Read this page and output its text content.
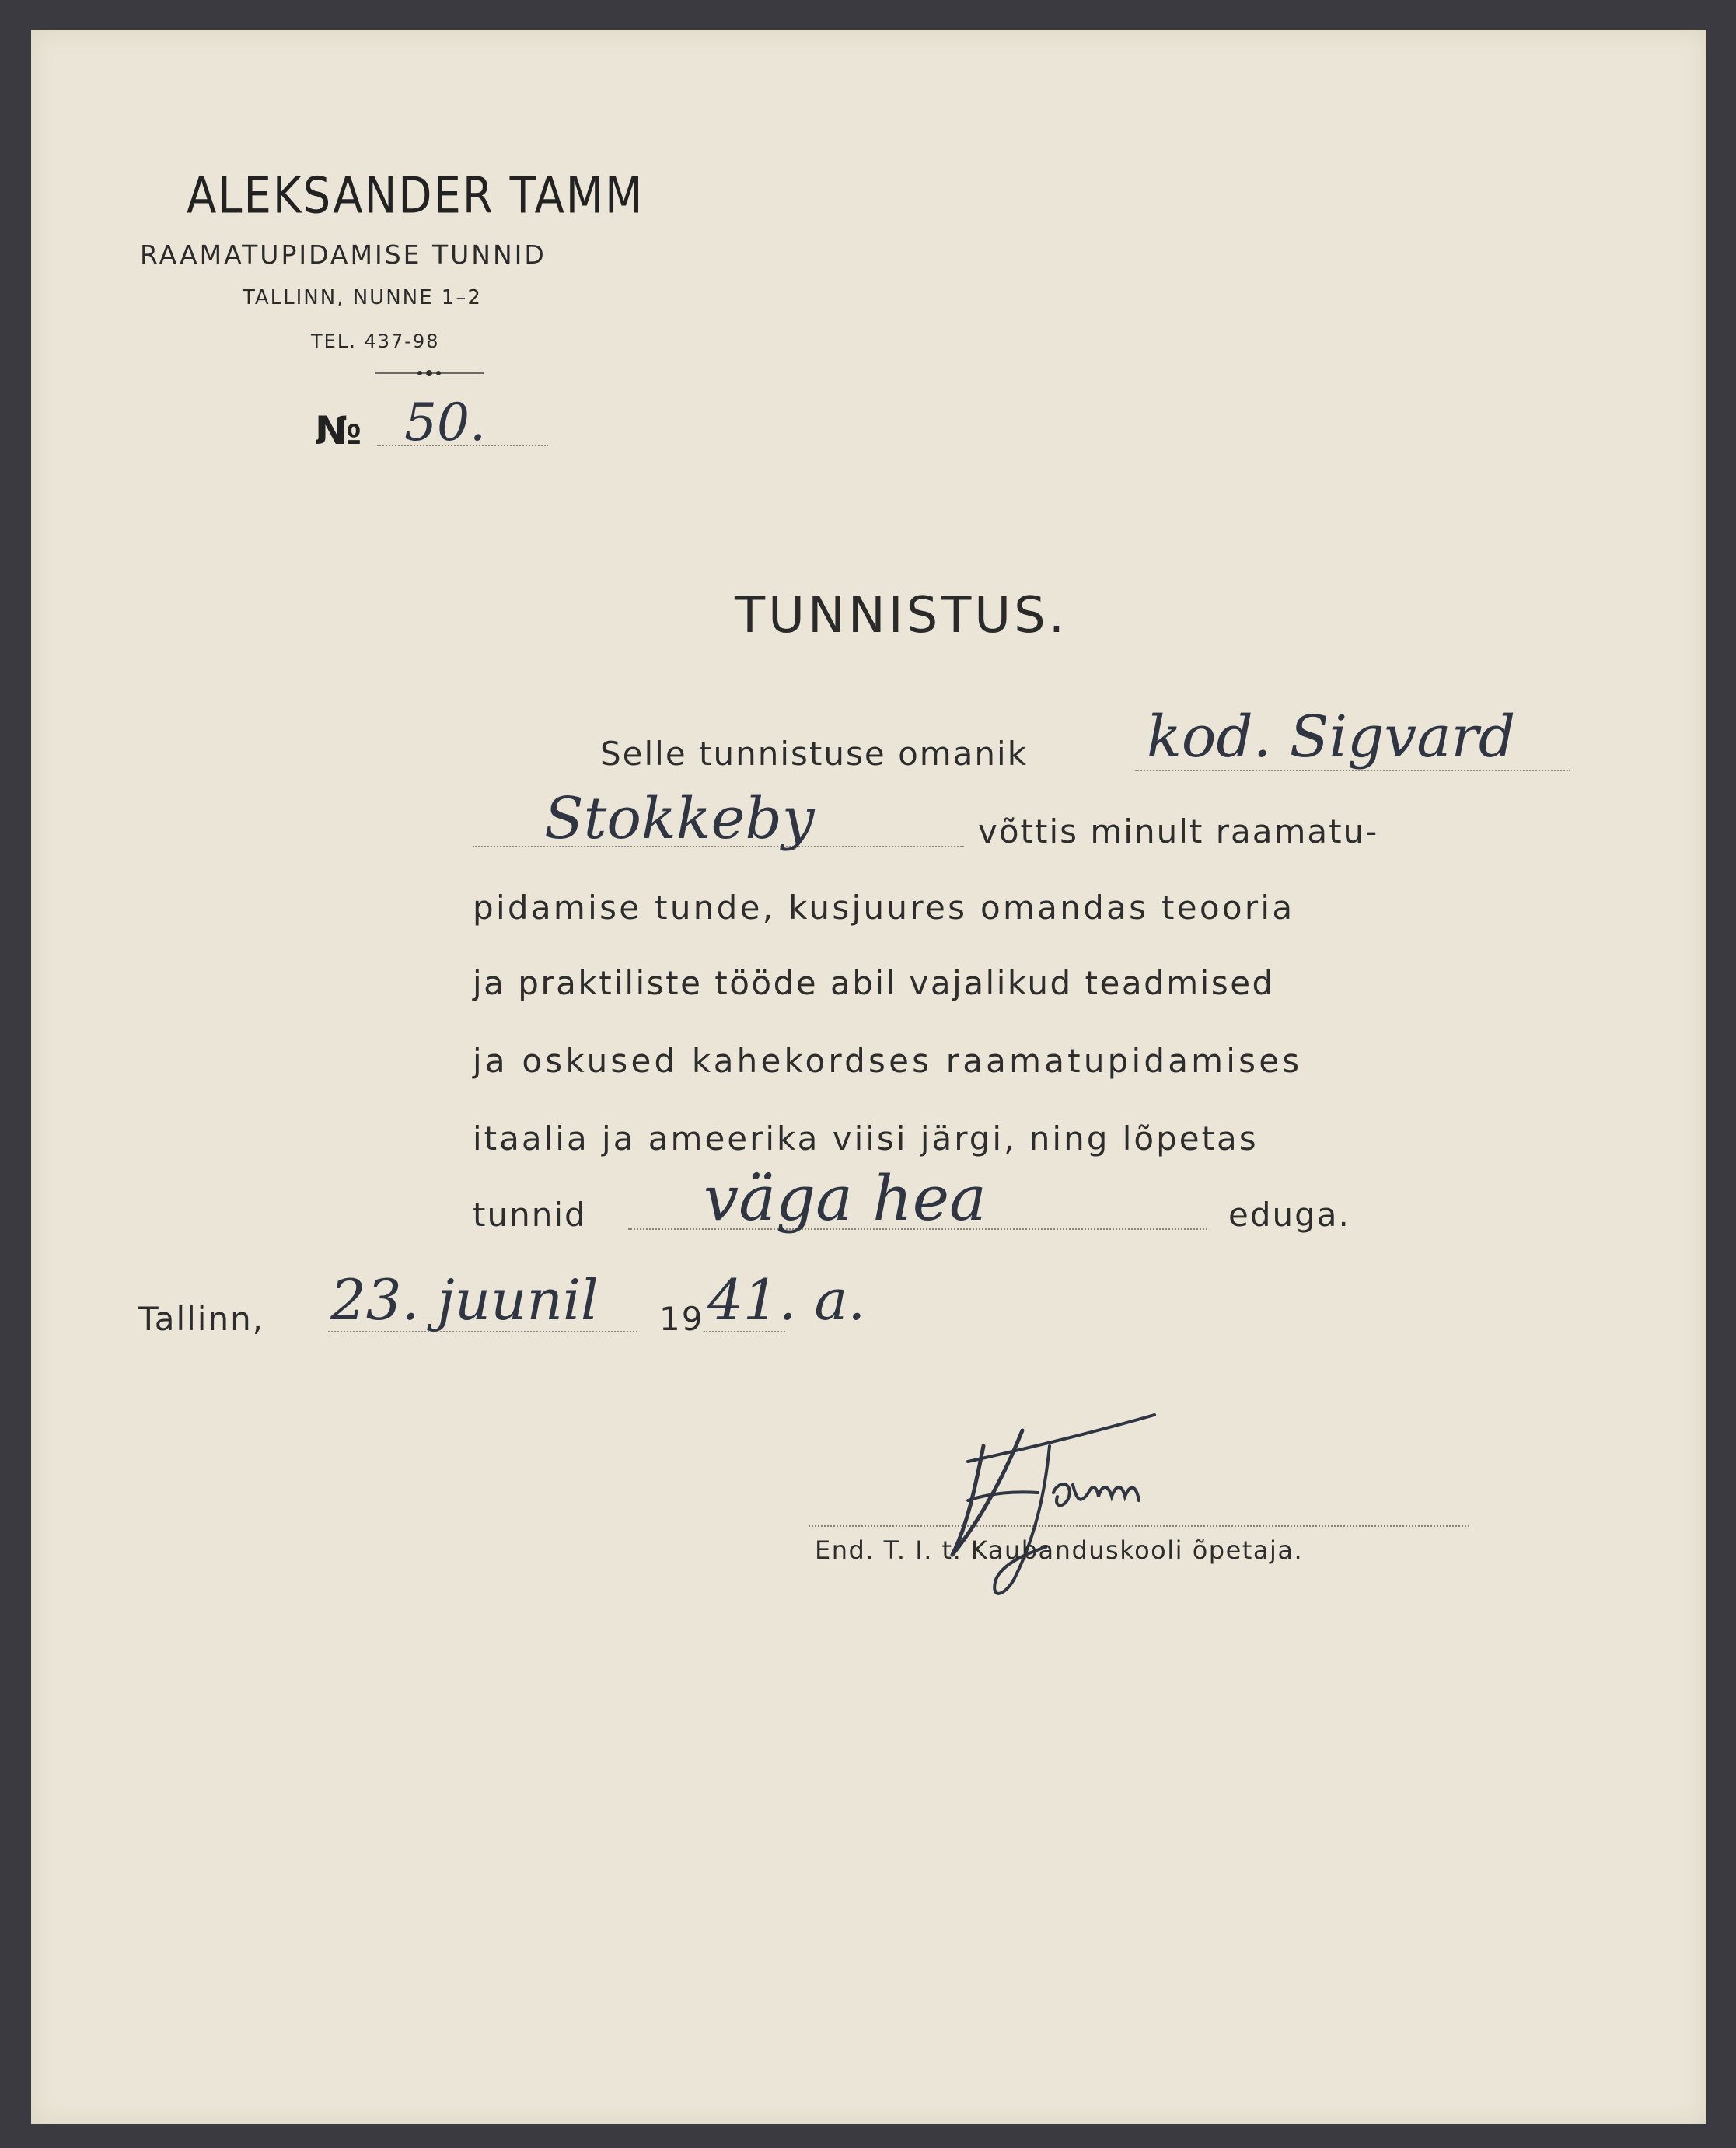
ALEKSANDER TAMM
RAAMATUPIDAMISE TUNNID
TALLINN, NUNNE 1–2
TEL. 437-98
№ 50.
TUNNISTUS.
Selle tunnistuse omanik kod. Sigvard
Stokkeby	võttis minult raamatu-
pidamise tunde, kusjuures omandas teooria
ja praktiliste tööde abil vajalikud teadmised
ja oskused kahekordses raamatupidamises
itaalia ja ameerika viisi järgi, ning lõpetas
tunnid väga hea	eduga.
Tallinn, 23. juunil 19 41. a.
End. T. I. t. Kaubanduskooli õpetaja.
